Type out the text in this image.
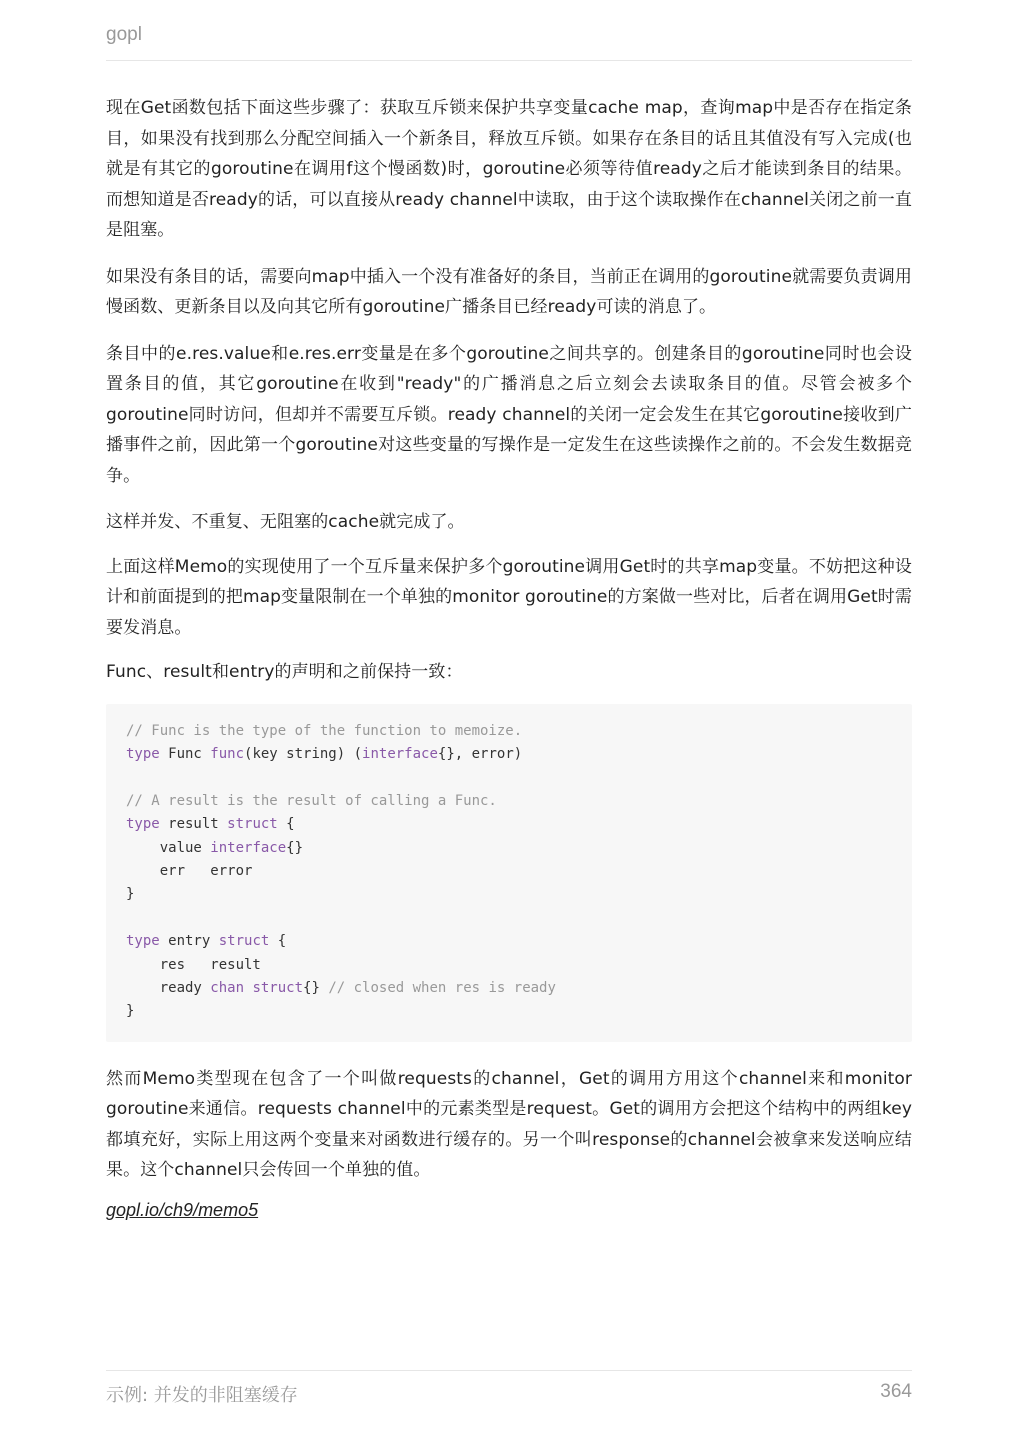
gopl

现在Get函数包括下面这些步骤了：获取互斥锁来保护共享变量cache map，查询map中是否存在指定条目，如果没有找到那么分配空间插入一个新条目，释放互斥锁。如果存在条目的话且其值没有写入完成(也就是有其它的goroutine在调用f这个慢函数)时，goroutine必须等待值ready之后才能读到条目的结果。而想知道是否ready的话，可以直接从ready channel中读取，由于这个读取操作在channel关闭之前一直是阻塞。

如果没有条目的话，需要向map中插入一个没有准备好的条目，当前正在调用的goroutine就需要负责调用慢函数、更新条目以及向其它所有goroutine广播条目已经ready可读的消息了。

条目中的e.res.value和e.res.err变量是在多个goroutine之间共享的。创建条目的goroutine同时也会设置条目的值，其它goroutine在收到"ready"的广播消息之后立刻会去读取条目的值。尽管会被多个goroutine同时访问，但却并不需要互斥锁。ready channel的关闭一定会发生在其它goroutine接收到广播事件之前，因此第一个goroutine对这些变量的写操作是一定发生在这些读操作之前的。不会发生数据竞争。

这样并发、不重复、无阻塞的cache就完成了。

上面这样Memo的实现使用了一个互斥量来保护多个goroutine调用Get时的共享map变量。不妨把这种设计和前面提到的把map变量限制在一个单独的monitor goroutine的方案做一些对比，后者在调用Get时需要发消息。

Func、result和entry的声明和之前保持一致：

// Func is the type of the function to memoize.
type Func func(key string) (interface{}, error)

// A result is the result of calling a Func.
type result struct {
value interface{}
err   error
}

type entry struct {
res   result
ready chan struct{} // closed when res is ready
}

然而Memo类型现在包含了一个叫做requests的channel，Get的调用方用这个channel来和monitor goroutine来通信。requests channel中的元素类型是request。Get的调用方会把这个结构中的两组key都填充好，实际上用这两个变量来对函数进行缓存的。另一个叫response的channel会被拿来发送响应结果。这个channel只会传回一个单独的值。

gopl.io/ch9/memo5
示例: 并发的非阻塞缓存	364
